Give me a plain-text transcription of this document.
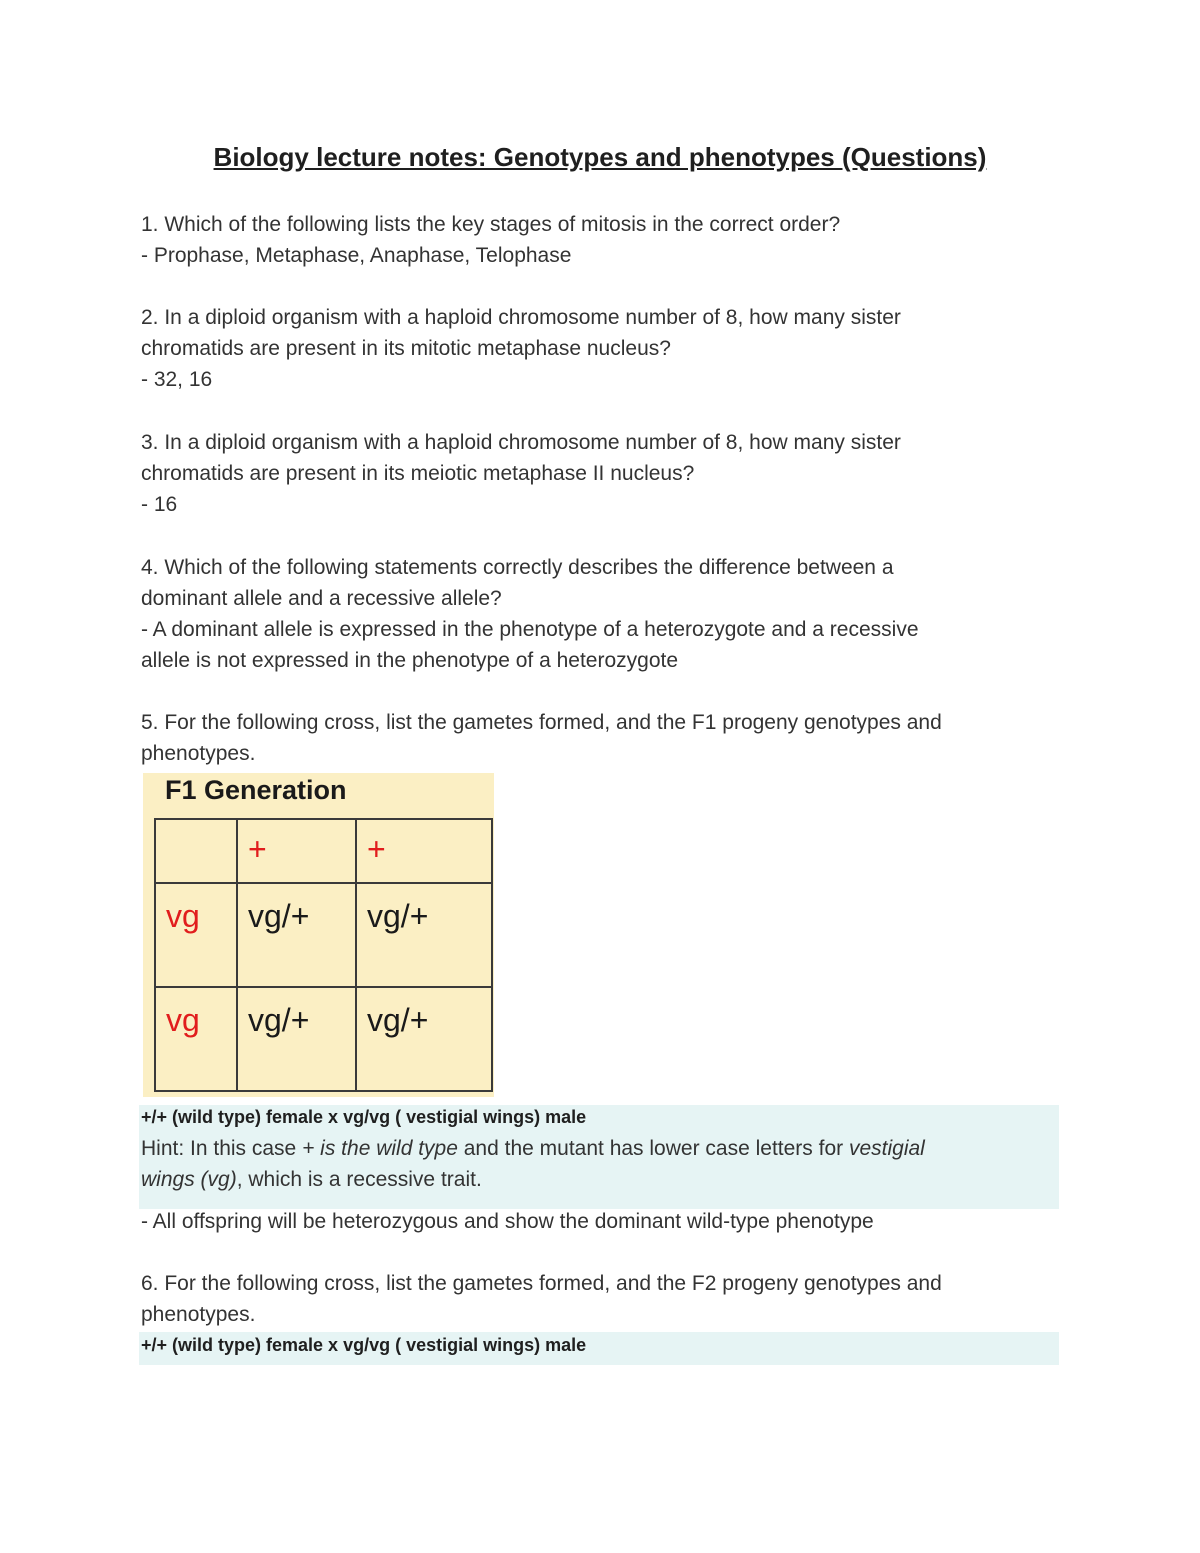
Biology lecture notes: Genotypes and phenotypes (Questions)

1. Which of the following lists the key stages of mitosis in the correct order?

- Prophase, Metaphase, Anaphase, Telophase

2. In a diploid organism with a haploid chromosome number of 8, how many sister

chromatids are present in its mitotic metaphase nucleus?

- 32, 16

3. In a diploid organism with a haploid chromosome number of 8, how many sister

chromatids are present in its meiotic metaphase II nucleus?

- 16

4. Which of the following statements correctly describes the difference between a

dominant allele and a recessive allele?

- A dominant allele is expressed in the phenotype of a heterozygote and a recessive

allele is not expressed in the phenotype of a heterozygote

5. For the following cross, list the gametes formed, and the F1 progeny genotypes and

phenotypes.

F1 Generation
	+	+
vg	vg/+	vg/+
vg	vg/+	vg/+
+/+ (wild type) female x vg/vg ( vestigial wings) male
Hint: In this case + is the wild type and the mutant has lower case letters for vestigial
wings (vg), which is a recessive trait.

- All offspring will be heterozygous and show the dominant wild-type phenotype

6. For the following cross, list the gametes formed, and the F2 progeny genotypes and

phenotypes.

+/+ (wild type) female x vg/vg ( vestigial wings) male
